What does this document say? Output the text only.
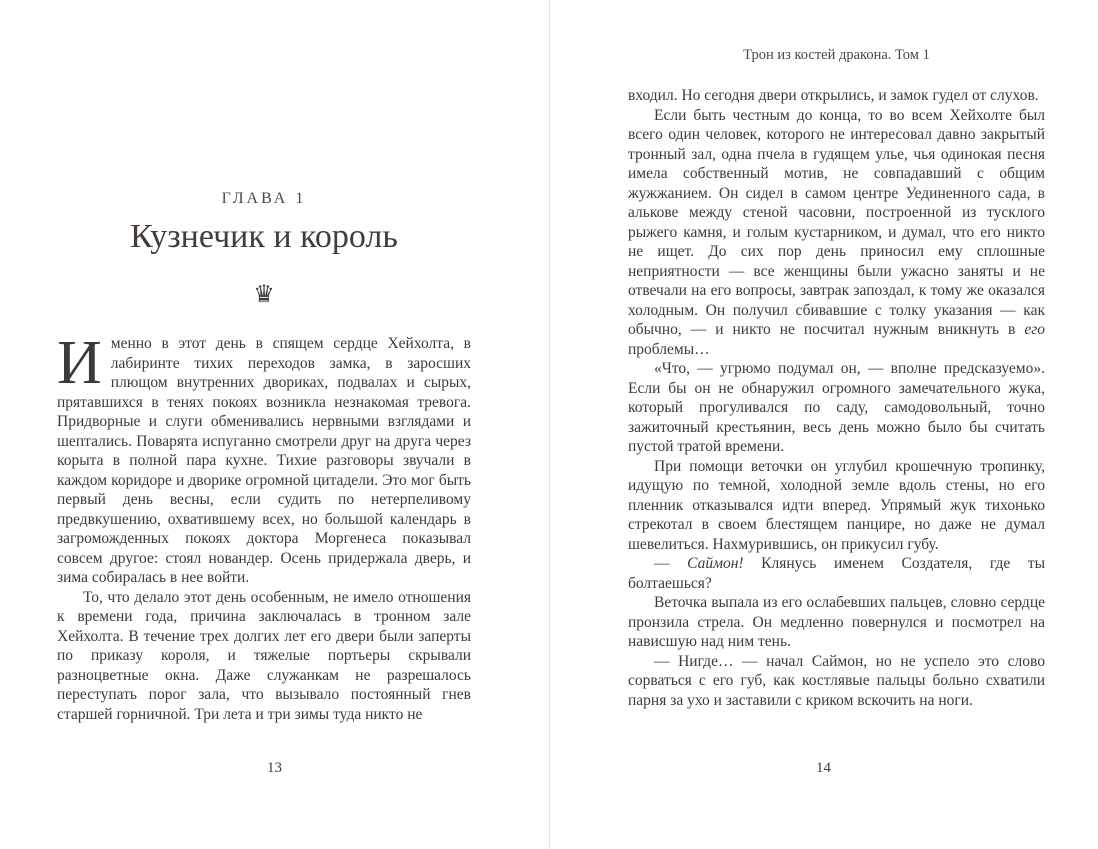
ГЛАВА 1
Кузнечик и король
♛

Именно в этот день в спящем сердце Хейхолта, в лабиринте тихих переходов замка, в заросших плющом внутренних двориках, подвалах и сырых, прятавшихся в тенях покоях возникла незнакомая тревога. Придворные и слуги обменивались нервными взглядами и шептались. Поварята испуганно смотрели друг на друга через корыта в полной пара кухне. Тихие разговоры звучали в каждом коридоре и дворике огромной цитадели. Это мог быть первый день весны, если судить по нетерпеливому предвкушению, охватившему всех, но большой календарь в загроможденных покоях доктора Моргенеса показывал совсем другое: стоял новандер. Осень придержала дверь, и зима собиралась в нее войти.

То, что делало этот день особенным, не имело отношения к времени года, причина заключалась в тронном зале Хейхолта. В течение трех долгих лет его двери были заперты по приказу короля, и тяжелые портьеры скрывали разноцветные окна. Даже служанкам не разрешалось переступать порог зала, что вызывало постоянный гнев старшей горничной. Три лета и три зимы туда никто не

13
Трон из костей дракона. Том 1

входил. Но сегодня двери открылись, и замок гудел от слухов.

Если быть честным до конца, то во всем Хейхолте был всего один человек, которого не интересовал давно закрытый тронный зал, одна пчела в гудящем улье, чья одинокая песня имела собственный мотив, не совпадавший с общим жужжанием. Он сидел в самом центре Уединенного сада, в алькове между стеной часовни, построенной из тусклого рыжего камня, и голым кустарником, и думал, что его никто не ищет. До сих пор день приносил ему сплошные неприятности — все женщины были ужасно заняты и не отвечали на его вопросы, завтрак запоздал, к тому же оказался холодным. Он получил сбивавшие с толку указания — как обычно, — и никто не посчитал нужным вникнуть в его проблемы…

«Что, — угрюмо подумал он, — вполне предсказуемо». Если бы он не обнаружил огромного замечательного жука, который прогуливался по саду, самодовольный, точно зажиточный крестьянин, весь день можно было бы считать пустой тратой времени.

При помощи веточки он углубил крошечную тропинку, идущую по темной, холодной земле вдоль стены, но его пленник отказывался идти вперед. Упрямый жук тихонько стрекотал в своем блестящем панцире, но даже не думал шевелиться. Нахмурившись, он прикусил губу.

— Саймон! Клянусь именем Создателя, где ты болтаешься?

Веточка выпала из его ослабевших пальцев, словно сердце пронзила стрела. Он медленно повернулся и посмотрел на нависшую над ним тень.

— Нигде… — начал Саймон, но не успело это слово сорваться с его губ, как костлявые пальцы больно схватили парня за ухо и заставили с криком вскочить на ноги.

14
